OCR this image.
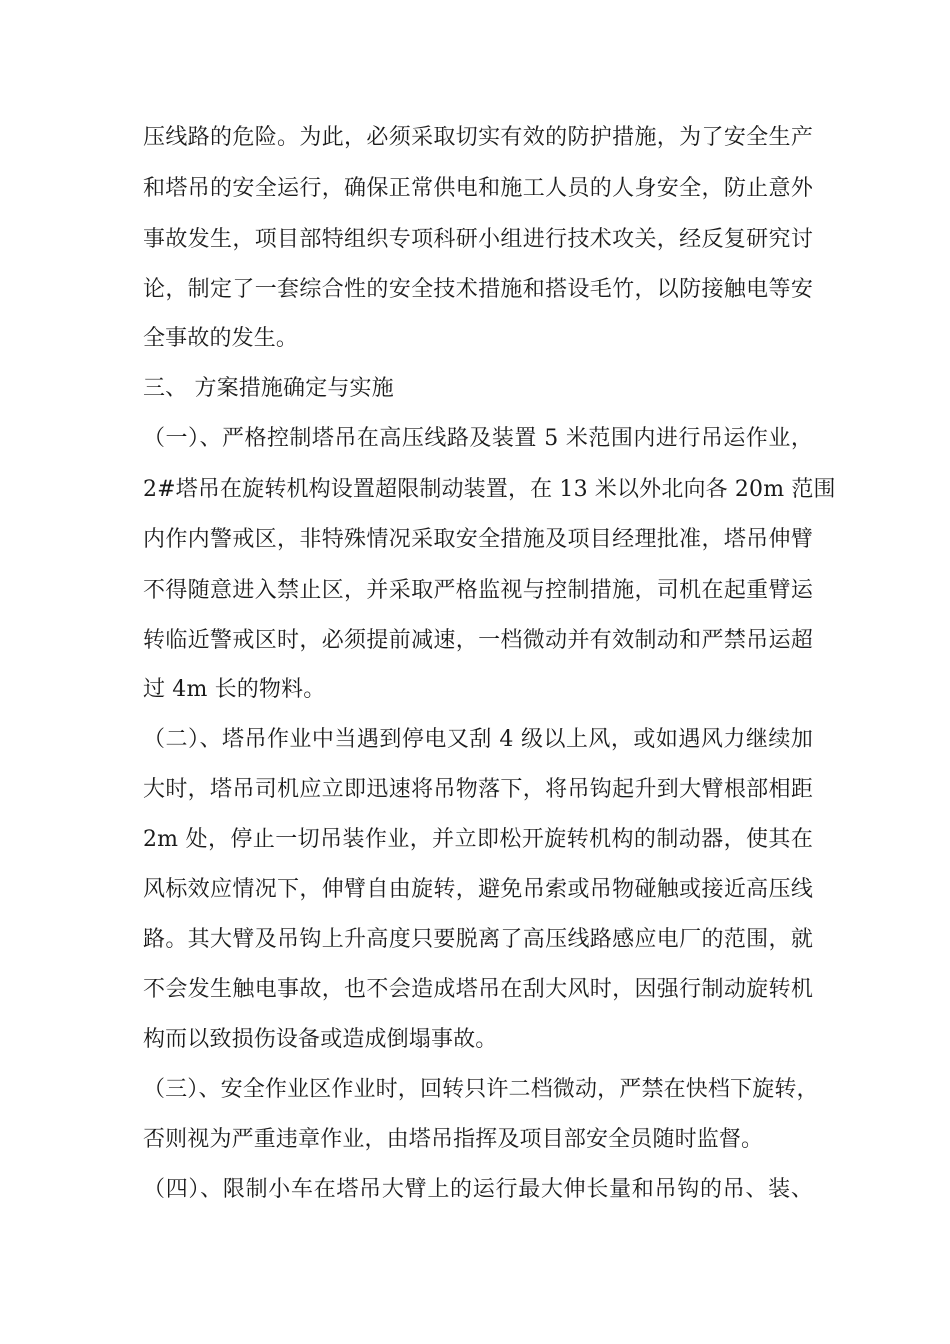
压线路的危险。为此，必须采取切实有效的防护措施，为了安全生产
和塔吊的安全运行，确保正常供电和施工人员的人身安全，防止意外
事故发生，项目部特组织专项科研小组进行技术攻关，经反复研究讨
论，制定了一套综合性的安全技术措施和搭设毛竹，以防接触电等安
全事故的发生。
三、 方案措施确定与实施
（一）、严格控制塔吊在高压线路及装置 5 米范围内进行吊运作业，
2#塔吊在旋转机构设置超限制动装置，在 13 米以外北向各 20m 范围
内作内警戒区，非特殊情况采取安全措施及项目经理批准，塔吊伸臂
不得随意进入禁止区，并采取严格监视与控制措施，司机在起重臂运
转临近警戒区时，必须提前减速，一档微动并有效制动和严禁吊运超
过 4m 长的物料。
（二）、塔吊作业中当遇到停电又刮 4 级以上风，或如遇风力继续加
大时，塔吊司机应立即迅速将吊物落下，将吊钩起升到大臂根部相距
2m 处，停止一切吊装作业，并立即松开旋转机构的制动器，使其在
风标效应情况下，伸臂自由旋转，避免吊索或吊物碰触或接近高压线
路。其大臂及吊钩上升高度只要脱离了高压线路感应电厂的范围，就
不会发生触电事故，也不会造成塔吊在刮大风时，因强行制动旋转机
构而以致损伤设备或造成倒塌事故。
（三）、安全作业区作业时，回转只许二档微动，严禁在快档下旋转，
否则视为严重违章作业，由塔吊指挥及项目部安全员随时监督。
（四）、限制小车在塔吊大臂上的运行最大伸长量和吊钩的吊、装、
